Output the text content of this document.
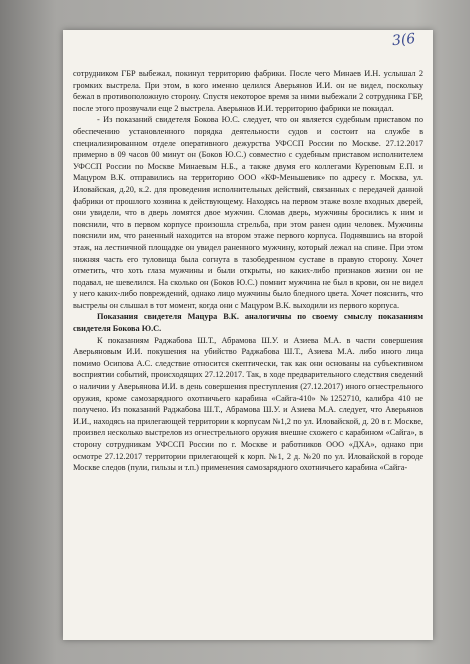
3(6

сотрудником ГБР выбежал, покинул территорию фабрики. После чего Минаев И.Н. услышал 2 громких выстрела. При этом, в кого именно целился Аверьянов И.И. он не видел, поскольку бежал в противоположную сторону. Спустя некоторое время за ними выбежали 2 сотрудника ГБР, после этого прозвучали еще 2 выстрела. Аверьянов И.И. территорию фабрики не покидал.

- Из показаний свидетеля Бокова Ю.С. следует, что он является судебным приставом по обеспечению установленного порядка деятельности судов и состоит на службе в специализированном отделе оперативного дежурства УФССП России по Москве. 27.12.2017 примерно в 09 часов 00 минут он (Боков Ю.С.) совместно с судебным приставом исполнителем УФССП России по Москве Минаевым Н.Б., а также двумя его коллегами Куреповым Е.П. и Мацуром В.К. отправились на территорию ООО «КФ-Меньшевик» по адресу г. Москва, ул. Иловайская, д.20, к.2. для проведения исполнительных действий, связанных с передачей данной фабрики от прошлого хозяина к действующему. Находясь на первом этаже возле входных дверей, они увидели, что в дверь ломятся двое мужчин. Сломав дверь, мужчины бросились к ним и пояснили, что в первом корпусе произошла стрельба, при этом ранен один человек. Мужчины пояснили им, что раненный находится на втором этаже первого корпуса. Поднявшись на второй этаж, на лестничной площадке он увидел раненного мужчину, который лежал на спине. При этом нижняя часть его туловища была согнута в тазобедренном суставе в правую сторону. Хочет отметить, что хоть глаза мужчины и были открыты, но каких-либо признаков жизни он не подавал, не шевелился. На сколько он (Боков Ю.С.) помнит мужчина не был в крови, он не видел у него каких-либо повреждений, однако лицо мужчины было бледного цвета. Хочет пояснить, что выстрелы он слышал в тот момент, когда они с Мацуром В.К. выходили из первого корпуса.

Показания свидетеля Мацура В.К. аналогичны по своему смыслу показаниям свидетеля Бокова Ю.С.

К показаниям Раджабова Ш.Т., Абрамова Ш.У. и Азиева М.А. в части совершения Аверьяновым И.И. покушения на убийство Раджабова Ш.Т., Азиева М.А. либо иного лица помимо Осипова А.С. следствие относится скептически, так как они основаны на субъективном восприятии событий, происходящих 27.12.2017. Так, в ходе предварительного следствия сведений о наличии у Аверьянова И.И. в день совершения преступления (27.12.2017) иного огнестрельного оружия, кроме самозарядного охотничьего карабина «Сайга-410» №1252710, калибра 410 не получено. Из показаний Раджабова Ш.Т., Абрамова Ш.У. и Азиева М.А. следует, что Аверьянов И.И., находясь на прилегающей территории к корпусам №1,2 по ул. Иловайской, д. 20 в г. Москве, произвел несколько выстрелов из огнестрельного оружия внешне схожего с карабином «Сайга», в сторону сотрудникам УФССП России по г. Москве и работников ООО «ДХА», однако при осмотре 27.12.2017 территории прилегающей к корп. №1, 2 д. №20 по ул. Иловайской в городе Москве следов (пули, гильзы и т.п.) применения самозарядного охотничьего карабина «Сайга-
